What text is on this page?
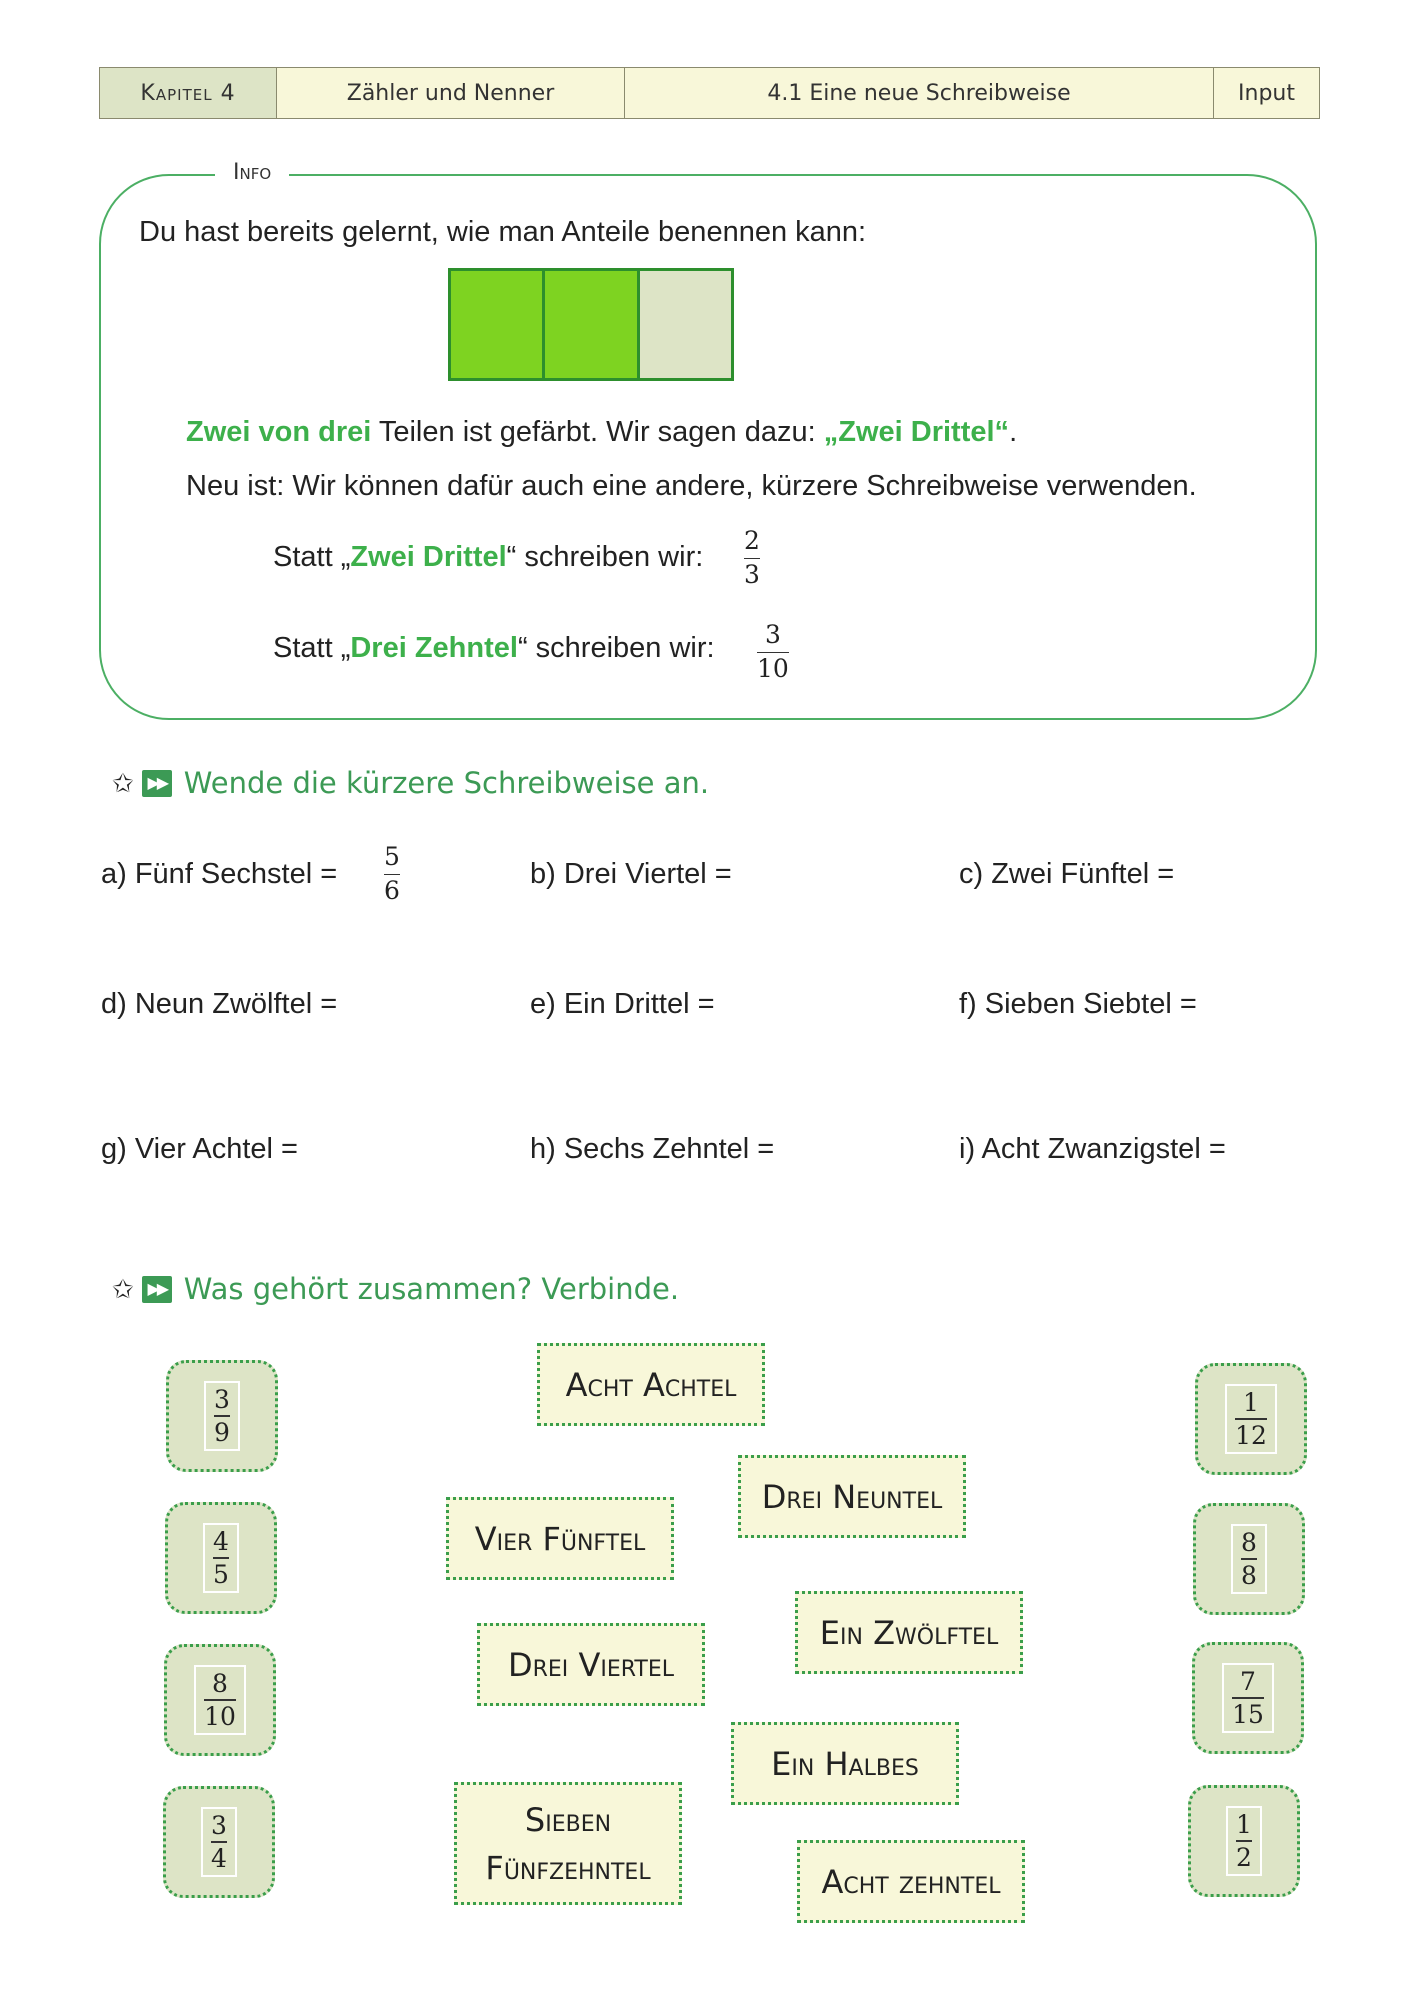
Kapitel 4	Zähler und Nenner	4.1 Eine neue Schreibweise	Input
Info
Du hast bereits gelernt, wie man Anteile benennen kann:
Zwei von drei Teilen ist gefärbt. Wir sagen dazu: „Zwei Drittel“.
Neu ist: Wir können dafür auch eine andere, kürzere Schreibweise verwenden.
Statt „Zwei Drittel“ schreiben wir:
2
3
Statt „Drei Zehntel“ schreiben wir: 3
10
✩ ▶▶ Wende die kürzere Schreibweise an.
a) Fünf Sechstel =	b) Drei Viertel =	c) Zwei Fünftel =
5
6
d) Neun Zwölftel =	e) Ein Drittel =	f) Sieben Siebtel =
g) Vier Achtel =	h) Sechs Zehntel =	i) Acht Zwanzigstel =
✩ ▶▶ Was gehört zusammen? Verbinde.
3
9
4
5
8
10
3
4
1
12
8
8
7
15
1
2
Acht Achtel
Drei Neuntel
Vier Fünftel
Ein Zwölftel
Drei Viertel
Ein Halbes
Sieben Fünfzehntel	Acht zehntel
